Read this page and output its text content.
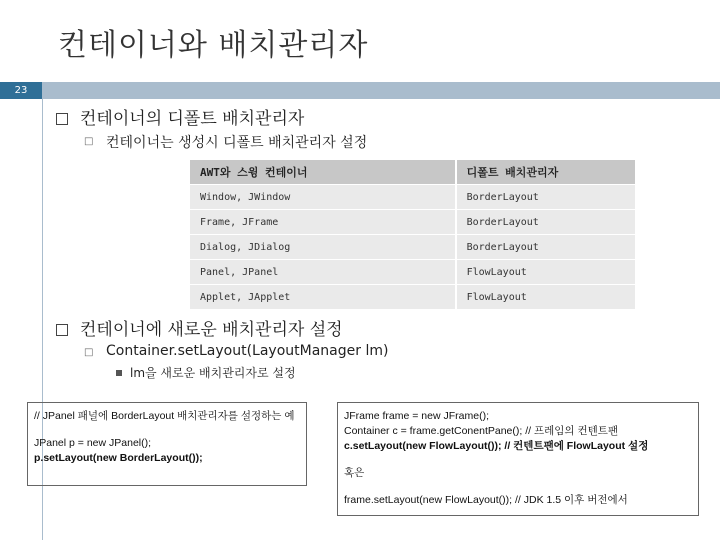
컨테이너와 배치관리자
23
컨테이너의 디폴트 배치관리자
□ 컨테이너는 생성시 디폴트 배치관리자 설정
AWT와 스윙 컨테이너	디폴트 배치관리자
Window, JWindow	BorderLayout
Frame, JFrame	BorderLayout
Dialog, JDialog	BorderLayout
Panel, JPanel	FlowLayout
Applet, JApplet	FlowLayout
컨테이너에 새로운 배치관리자 설정
□ Container.setLayout(LayoutManager lm)
lm을 새로운 배치관리자로 설정
// JPanel 패널에 BorderLayout 배치관리자를 설정하는 예
JPanel p = new JPanel();
p.setLayout(new BorderLayout());
JFrame frame = new JFrame();
Container c = frame.getConentPane(); // 프레임의 컨텐트팬
c.setLayout(new FlowLayout()); // 컨텐트팬에 FlowLayout 설정
혹은
frame.setLayout(new FlowLayout()); // JDK 1.5 이후 버전에서
